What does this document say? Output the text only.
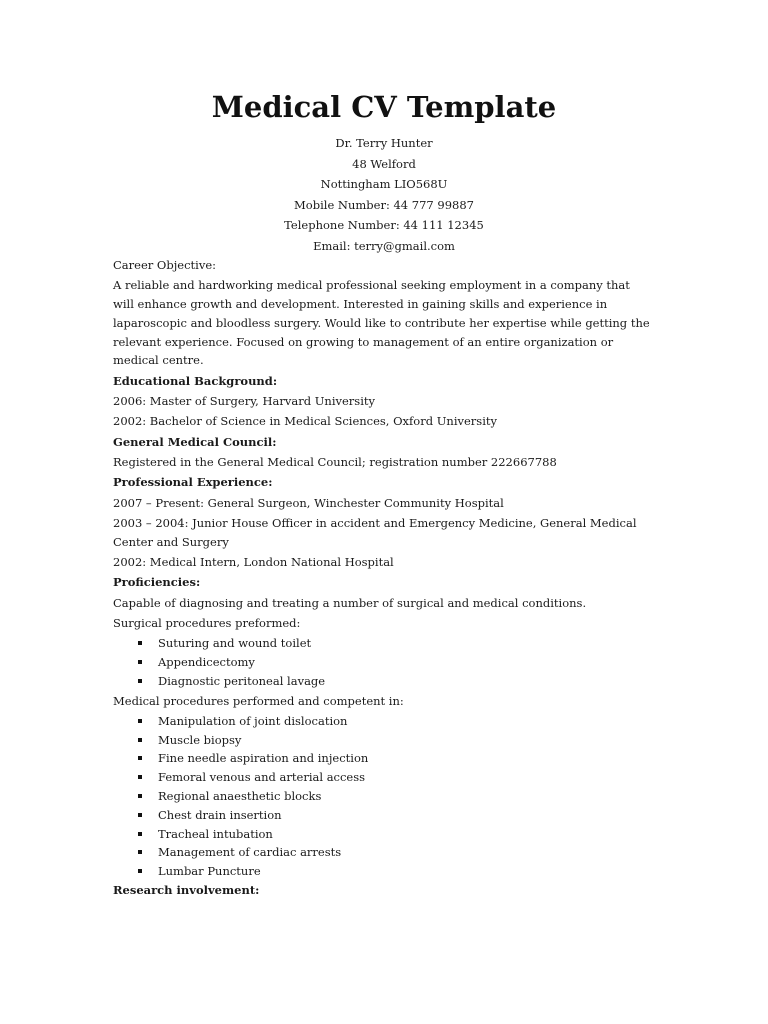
Medical CV Template
Dr. Terry Hunter
48 Welford
Nottingham LIO568U
Mobile Number: 44 777 99887
Telephone Number: 44 111 12345
Email: terry@gmail.com
Career Objective:
A reliable and hardworking medical professional seeking employment in a company that will enhance growth and development. Interested in gaining skills and experience in laparoscopic and bloodless surgery. Would like to contribute her expertise while getting the relevant experience. Focused on growing to management of an entire organization or medical centre.
Educational Background:
2006: Master of Surgery, Harvard University
2002: Bachelor of Science in Medical Sciences, Oxford University
General Medical Council:
Registered in the General Medical Council; registration number 222667788
Professional Experience:
2007 – Present: General Surgeon, Winchester Community Hospital
2003 – 2004: Junior House Officer in accident and Emergency Medicine, General Medical Center and Surgery
2002: Medical Intern, London National Hospital
Proficiencies:
Capable of diagnosing and treating a number of surgical and medical conditions.
Surgical procedures preformed:
Suturing and wound toilet
Appendicectomy
Diagnostic peritoneal lavage
Medical procedures performed and competent in:
Manipulation of joint dislocation
Muscle biopsy
Fine needle aspiration and injection
Femoral venous and arterial access
Regional anaesthetic blocks
Chest drain insertion
Tracheal intubation
Management of cardiac arrests
Lumbar Puncture
Research involvement:
